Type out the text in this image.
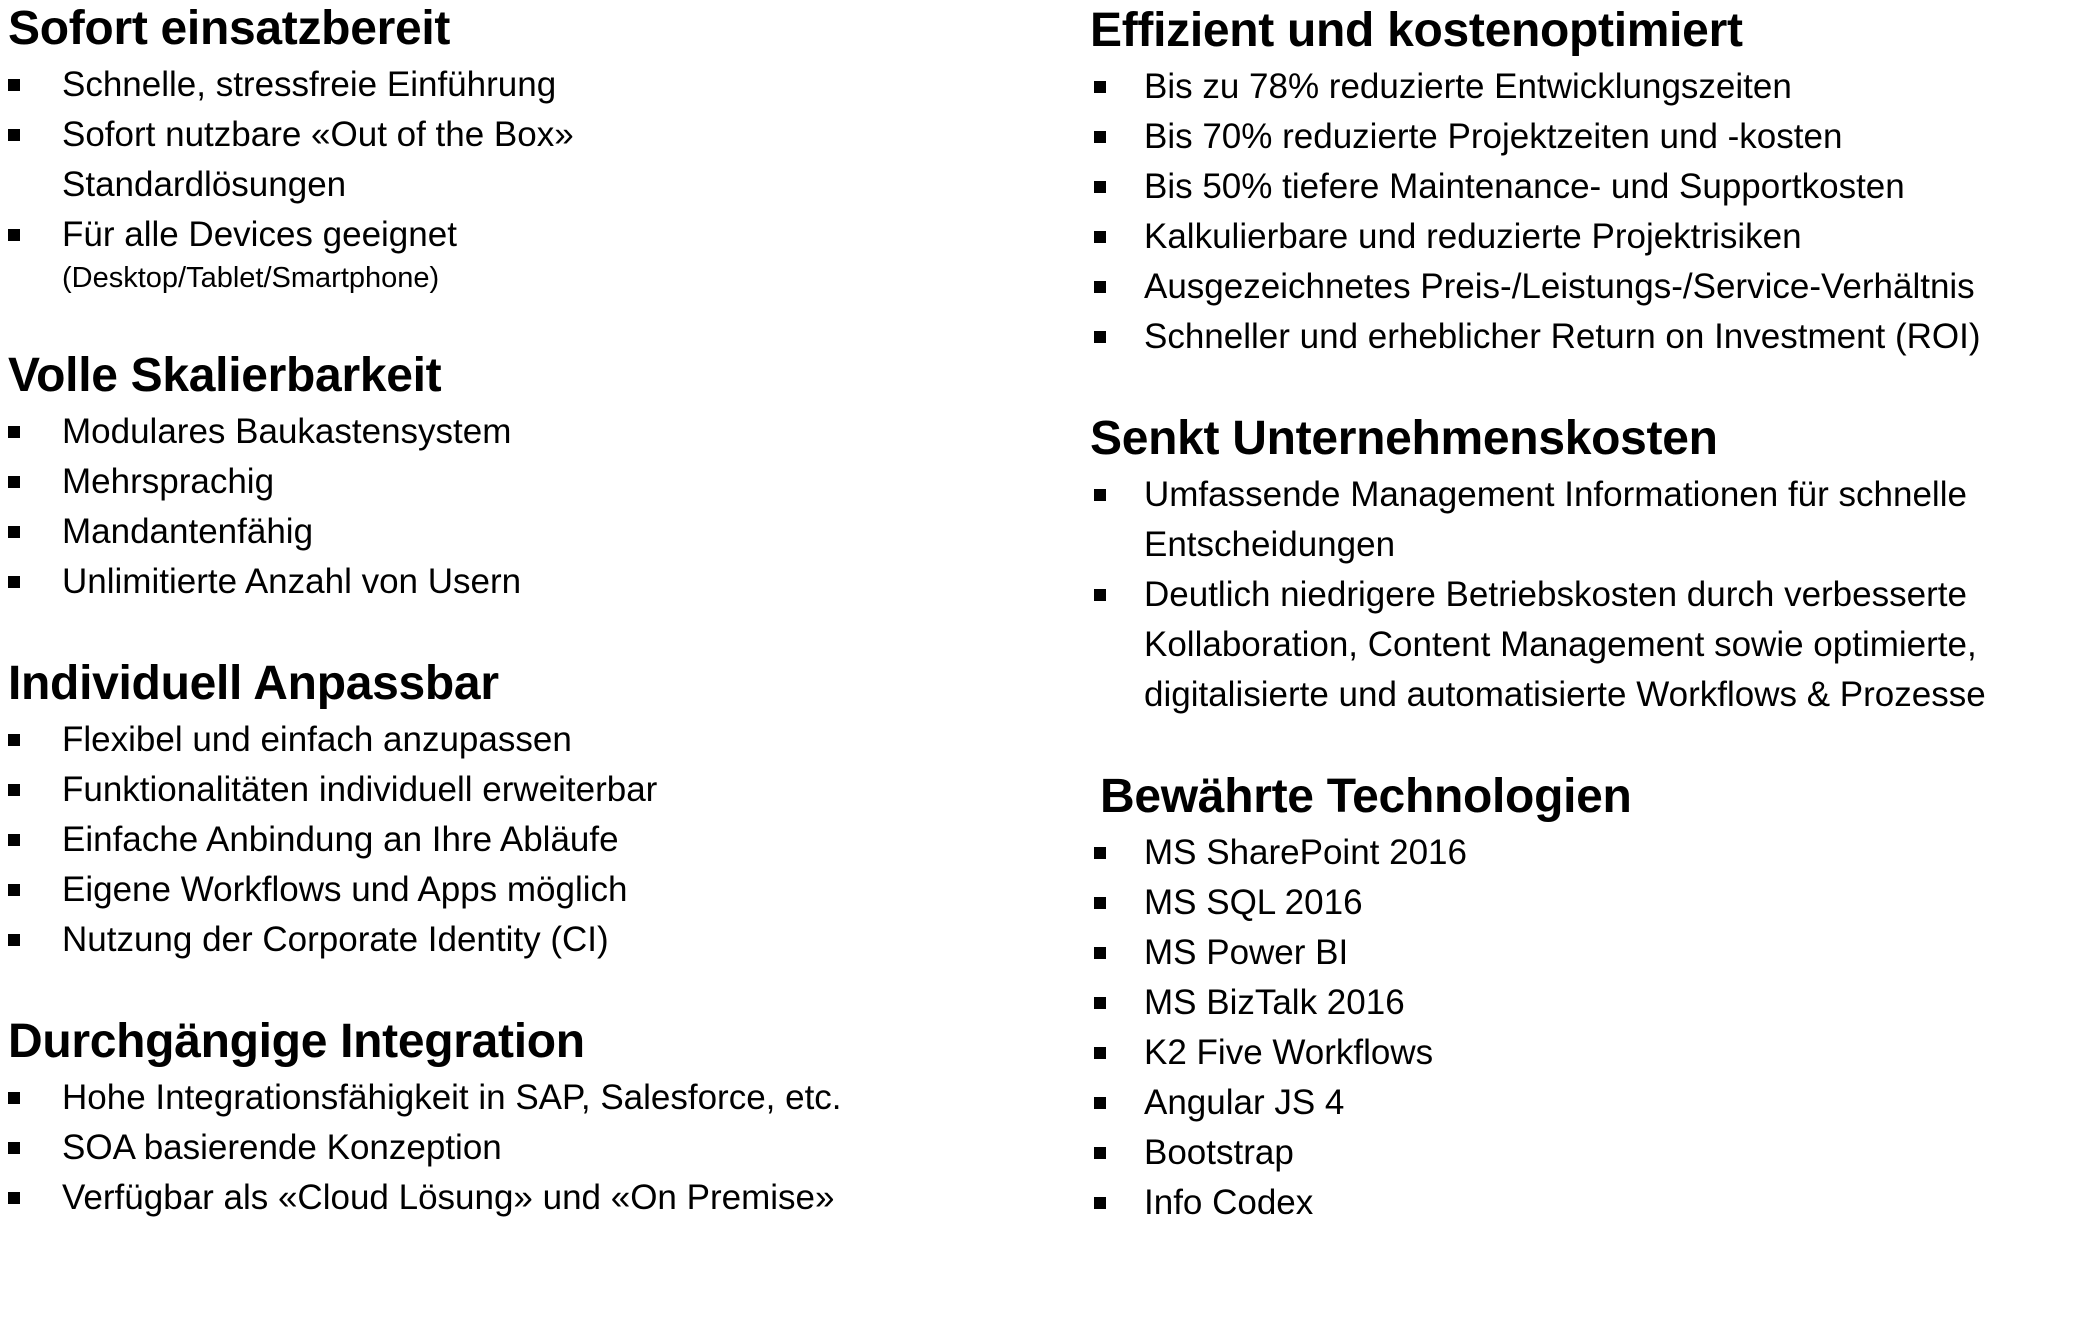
Sofort einsatzbereit
Schnelle, stressfreie Einführung
Sofort nutzbare «Out of the Box»
Standardlösungen
Für alle Devices geeignet
(Desktop/Tablet/Smartphone)
Volle Skalierbarkeit
Modulares Baukastensystem
Mehrsprachig
Mandantenfähig
Unlimitierte Anzahl von Usern
Individuell Anpassbar
Flexibel und einfach anzupassen
Funktionalitäten individuell erweiterbar
Einfache Anbindung an Ihre Abläufe
Eigene Workflows und Apps möglich
Nutzung der Corporate Identity (CI)
Durchgängige Integration
Hohe Integrationsfähigkeit in SAP, Salesforce, etc.
SOA basierende Konzeption
Verfügbar als «Cloud Lösung» und «On Premise»
Effizient und kostenoptimiert
Bis zu 78% reduzierte Entwicklungszeiten
Bis 70% reduzierte Projektzeiten und -kosten
Bis 50% tiefere Maintenance- und Supportkosten
Kalkulierbare und reduzierte Projektrisiken
Ausgezeichnetes Preis-/Leistungs-/Service-Verhältnis
Schneller und erheblicher Return on Investment (ROI)
Senkt Unternehmenskosten
Umfassende Management Informationen für schnelle
Entscheidungen
Deutlich niedrigere Betriebskosten durch verbesserte
Kollaboration, Content Management sowie optimierte,
digitalisierte und automatisierte Workflows & Prozesse
Bewährte Technologien
MS SharePoint 2016
MS SQL 2016
MS Power BI
MS BizTalk 2016
K2 Five Workflows
Angular JS 4
Bootstrap
Info Codex
